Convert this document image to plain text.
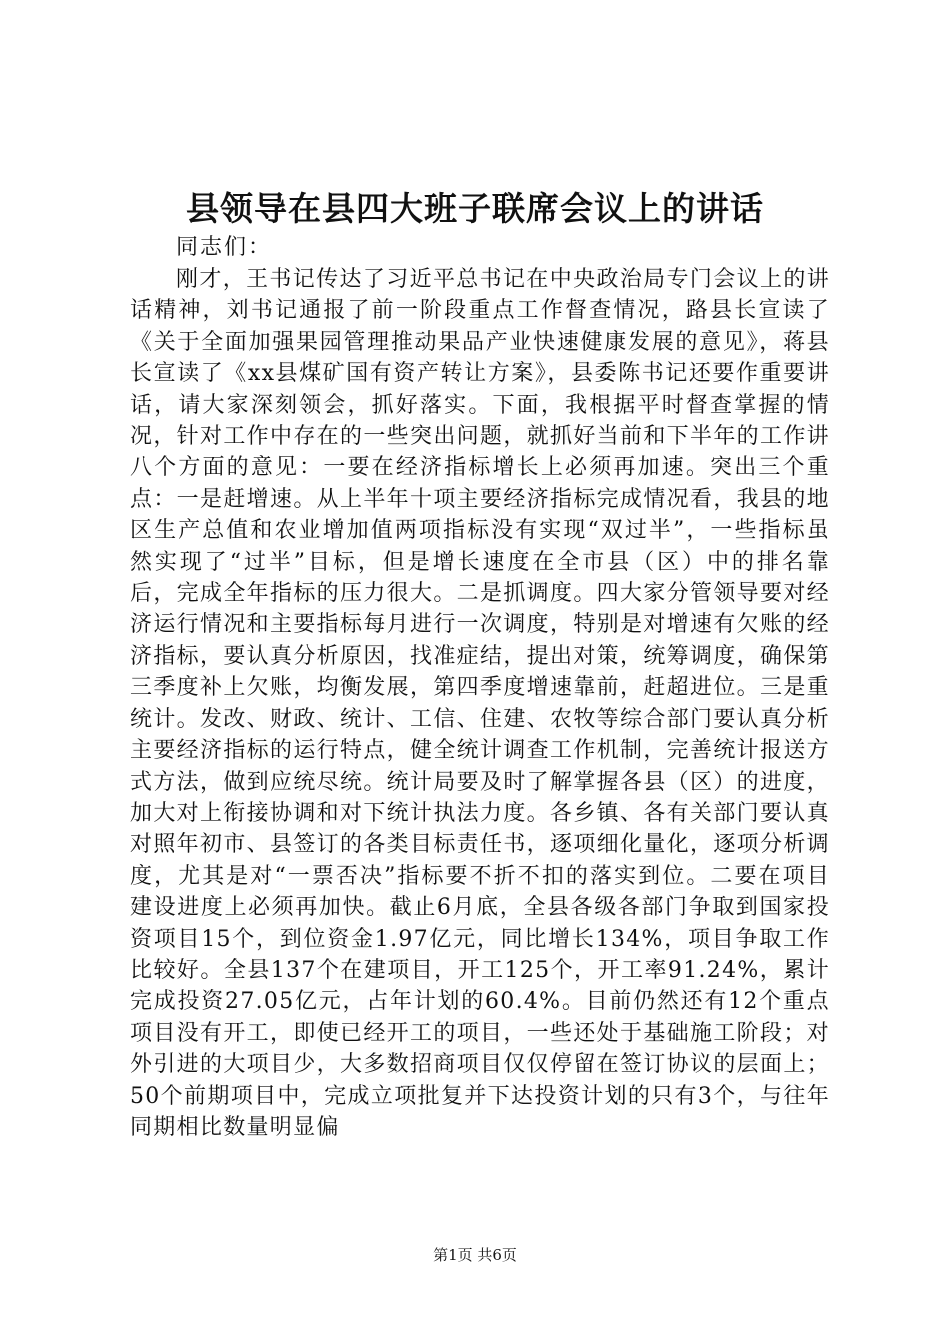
县领导在县四大班子联席会议上的讲话

同志们：

刚才，王书记传达了习近平总书记在中央政治局专门会议上的讲话精神，刘书记通报了前一阶段重点工作督查情况，路县长宣读了《关于全面加强果园管理推动果品产业快速健康发展的意见》，蒋县长宣读了《xx县煤矿国有资产转让方案》，县委陈书记还要作重要讲话，请大家深刻领会，抓好落实。下面，我根据平时督查掌握的情况，针对工作中存在的一些突出问题，就抓好当前和下半年的工作讲八个方面的意见：一要在经济指标增长上必须再加速。突出三个重点：一是赶增速。从上半年十项主要经济指标完成情况看，我县的地区生产总值和农业增加值两项指标没有实现“双过半”，一些指标虽然实现了“过半”目标，但是增长速度在全市县（区）中的排名靠后，完成全年指标的压力很大。二是抓调度。四大家分管领导要对经济运行情况和主要指标每月进行一次调度，特别是对增速有欠账的经济指标，要认真分析原因，找准症结，提出对策，统筹调度，确保第三季度补上欠账，均衡发展，第四季度增速靠前，赶超进位。三是重统计。发改、财政、统计、工信、住建、农牧等综合部门要认真分析主要经济指标的运行特点，健全统计调查工作机制，完善统计报送方式方法，做到应统尽统。统计局要及时了解掌握各县（区）的进度，加大对上衔接协调和对下统计执法力度。各乡镇、各有关部门要认真对照年初市、县签订的各类目标责任书，逐项细化量化，逐项分析调度，尤其是对“一票否决”指标要不折不扣的落实到位。二要在项目建设进度上必须再加快。截止6月底，全县各级各部门争取到国家投资项目15个，到位资金1.97亿元，同比增长134%，项目争取工作比较好。全县137个在建项目，开工125个，开工率91.24%，累计完成投资27.05亿元，占年计划的60.4%。目前仍然还有12个重点项目没有开工，即使已经开工的项目，一些还处于基础施工阶段；对外引进的大项目少，大多数招商项目仅仅停留在签订协议的层面上；50个前期项目中，完成立项批复并下达投资计划的只有3个，与往年同期相比数量明显偏

第1页 共6页
